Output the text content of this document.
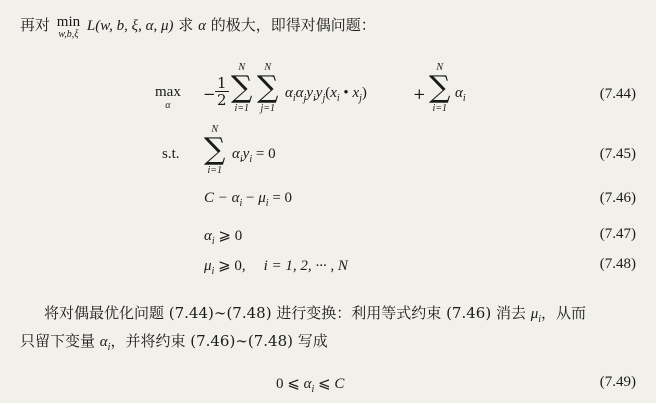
再对 min
w,b,ξ
L(w, b, ξ, α, μ) 求 α 的极大，即得对偶问题：
max
α
− $\frac{1}{2}$
N
∑
i=1
N
∑
j=1
$\alpha_i\alpha_jy_iy_j(x_i$ • $x_j$)	+
N
∑
i=1
$\alpha_i$	(7.44)
s.t.
N
∑
i=1
$\alpha_iy_i = 0$	(7.45)
$C - \alpha_i - \mu_i = 0$	(7.46)
$\alpha_i$ ⩾ 0	(7.47)
$\mu_i$ ⩾ 0, i = 1, 2, ··· , N	(7.48)
将对偶最优化问题 (7.44)∼(7.48) 进行变换：利用等式约束 (7.46) 消去 $\mu_i$，从而
只留下变量 $\alpha_i$，并将约束 (7.46)∼(7.48) 写成
0 ⩽ $\alpha_i$ ⩽ C	(7.49)
